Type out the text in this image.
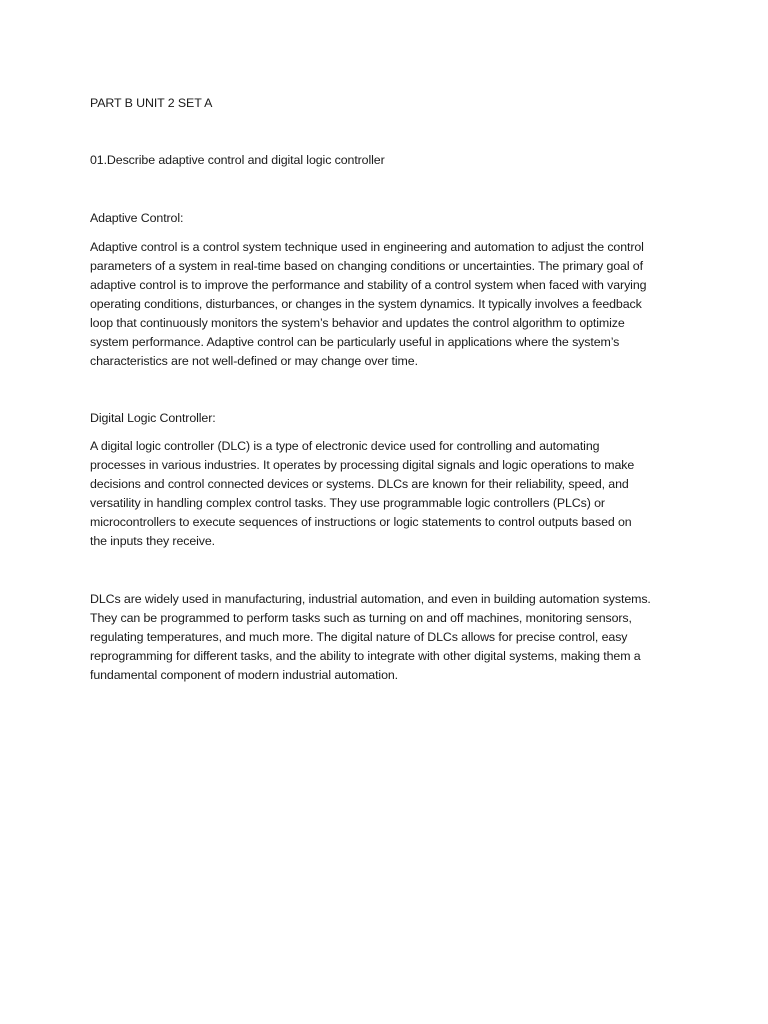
PART B UNIT 2 SET A

01.Describe adaptive control and digital logic controller

Adaptive Control:

Adaptive control is a control system technique used in engineering and automation to adjust the control
parameters of a system in real-time based on changing conditions or uncertainties. The primary goal of
adaptive control is to improve the performance and stability of a control system when faced with varying
operating conditions, disturbances, or changes in the system dynamics. It typically involves a feedback
loop that continuously monitors the system’s behavior and updates the control algorithm to optimize
system performance. Adaptive control can be particularly useful in applications where the system’s
characteristics are not well-defined or may change over time.

Digital Logic Controller:

A digital logic controller (DLC) is a type of electronic device used for controlling and automating
processes in various industries. It operates by processing digital signals and logic operations to make
decisions and control connected devices or systems. DLCs are known for their reliability, speed, and
versatility in handling complex control tasks. They use programmable logic controllers (PLCs) or
microcontrollers to execute sequences of instructions or logic statements to control outputs based on
the inputs they receive.
DLCs are widely used in manufacturing, industrial automation, and even in building automation systems.
They can be programmed to perform tasks such as turning on and off machines, monitoring sensors,
regulating temperatures, and much more. The digital nature of DLCs allows for precise control, easy
reprogramming for different tasks, and the ability to integrate with other digital systems, making them a
fundamental component of modern industrial automation.
